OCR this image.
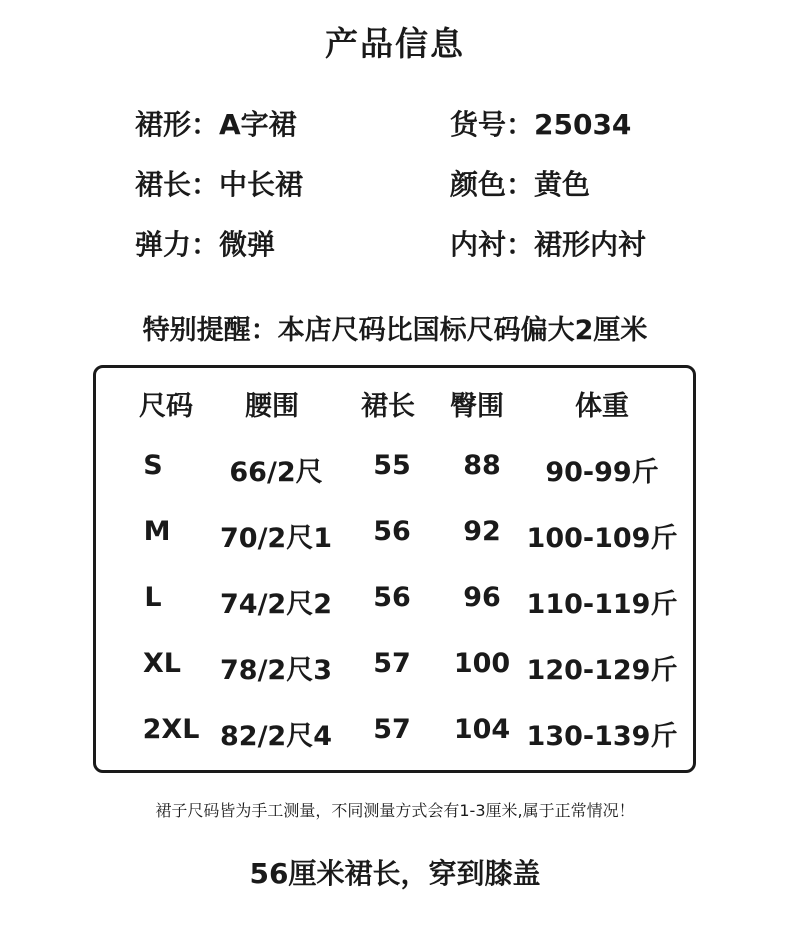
产品信息
裙形：A字裙	货号：25034
裙长：中长裙	颜色：黄色
弹力：微弹	内衬：裙形内衬
特别提醒：本店尺码比国标尺码偏大2厘米
尺码 腰围 裙长 臀围	体重
S 66/2尺 55 88 90-99斤
M 70/2尺1 56 92 100-109斤
L 74/2尺2 56 96 110-119斤
XL 78/2尺3 57 100 120-129斤
2XL 82/2尺4 57 104 130-139斤
裙子尺码皆为手工测量，不同测量方式会有1-3厘米,属于正常情况！
56厘米裙长，穿到膝盖
